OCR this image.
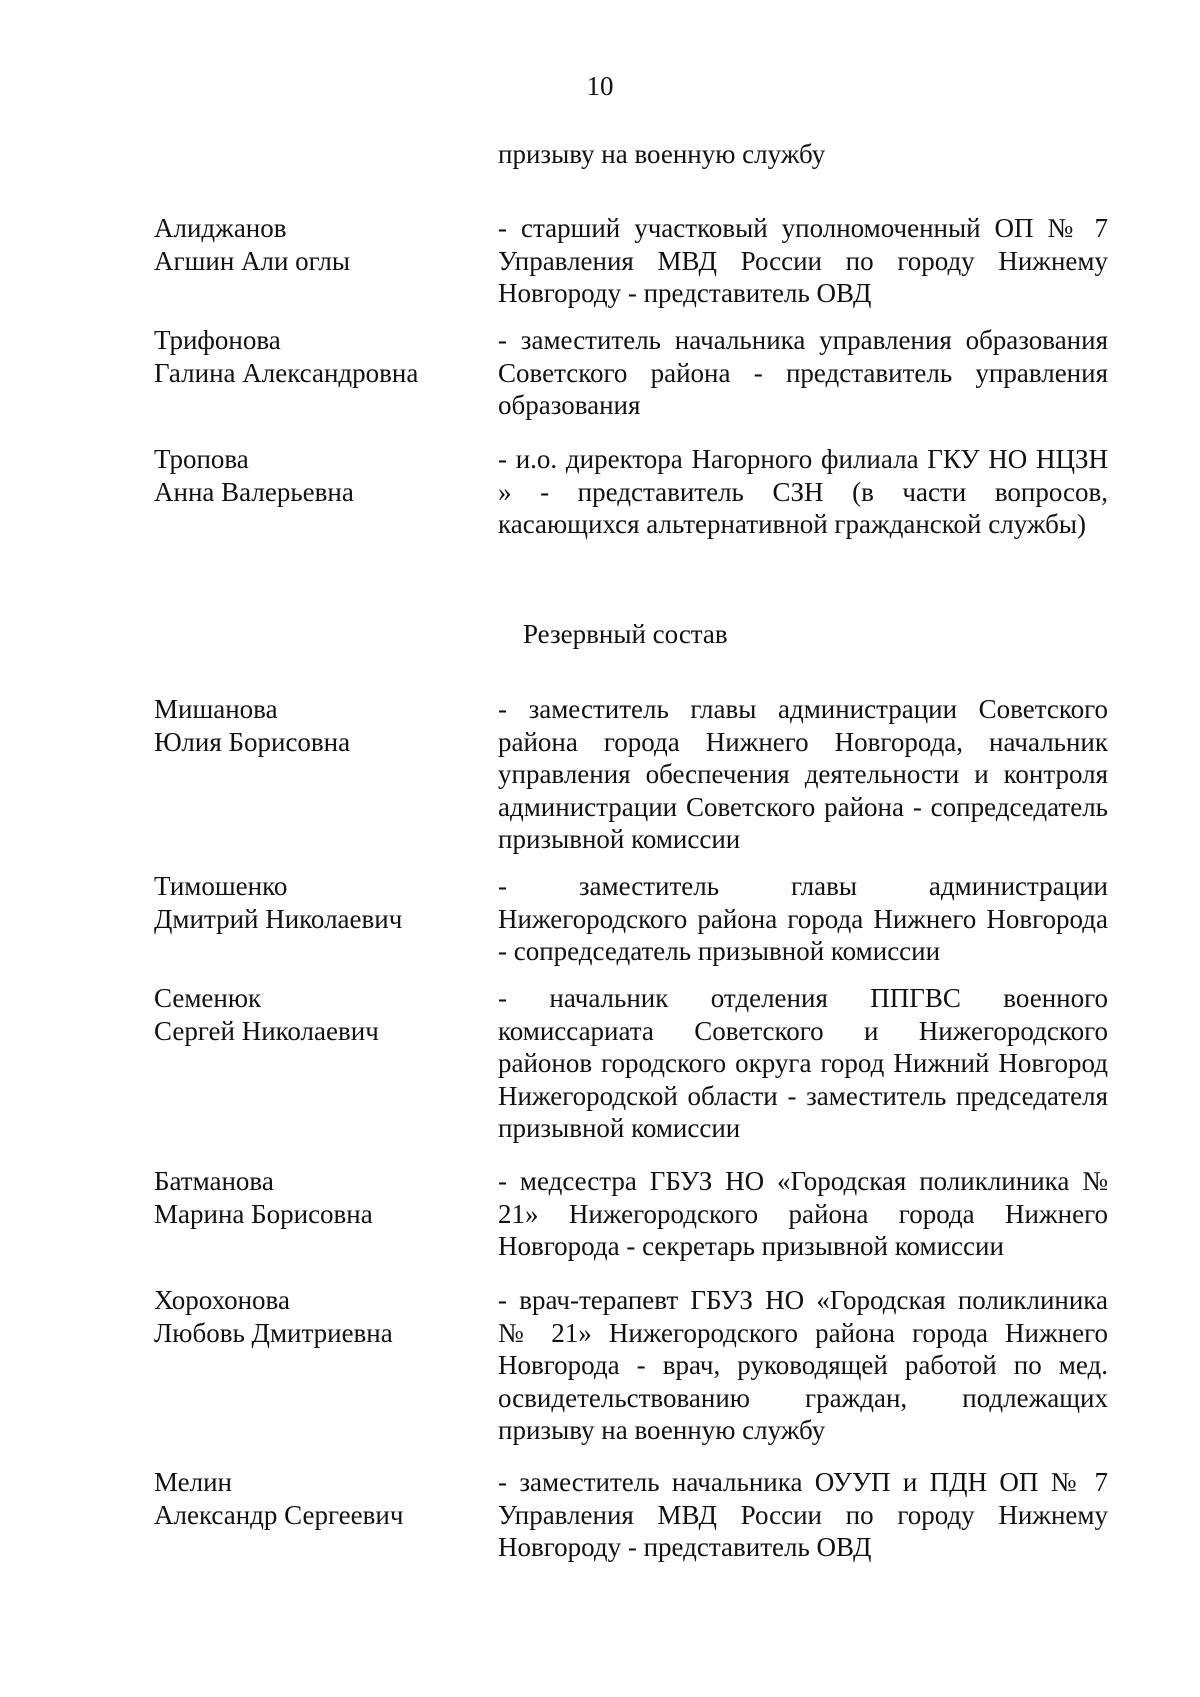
10
призыву на военную службу
Алиджанов
Агшин Али оглы
- старший участковый уполномоченный ОП № 7 Управления МВД России по городу Нижнему Новгороду - представитель ОВД
Трифонова
Галина Александровна
- заместитель начальника управления образования Советского района - представитель управления образования
Тропова
Анна Валерьевна
- и.о. директора Нагорного филиала ГКУ НО НЦЗН » - представитель СЗН (в части вопросов, касающихся альтернативной гражданской службы)
Резервный состав
Мишанова
Юлия Борисовна
- заместитель главы администрации Советского района города Нижнего Новгорода, начальник управления обеспечения деятельности и контроля администрации Советского района - сопредседатель призывной комиссии
Тимошенко
Дмитрий Николаевич
- заместитель главы администрации Нижегородского района города Нижнего Новгорода - сопредседатель призывной комиссии
Семенюк
Сергей Николаевич
- начальник отделения ППГВС военного комиссариата Советского и Нижегородского районов городского округа город Нижний Новгород Нижегородской области - заместитель председателя призывной комиссии
Батманова
Марина Борисовна
- медсестра ГБУЗ НО «Городская поликлиника № 21» Нижегородского района города Нижнего Новгорода - секретарь призывной комиссии
Хорохонова
Любовь Дмитриевна
- врач-терапевт ГБУЗ НО «Городская поликлиника № 21» Нижегородского района города Нижнего Новгорода - врач, руководящей работой по мед. освидетельствованию граждан, подлежащих призыву на военную службу
Мелин
Александр Сергеевич
- заместитель начальника ОУУП и ПДН ОП № 7 Управления МВД России по городу Нижнему Новгороду - представитель ОВД
